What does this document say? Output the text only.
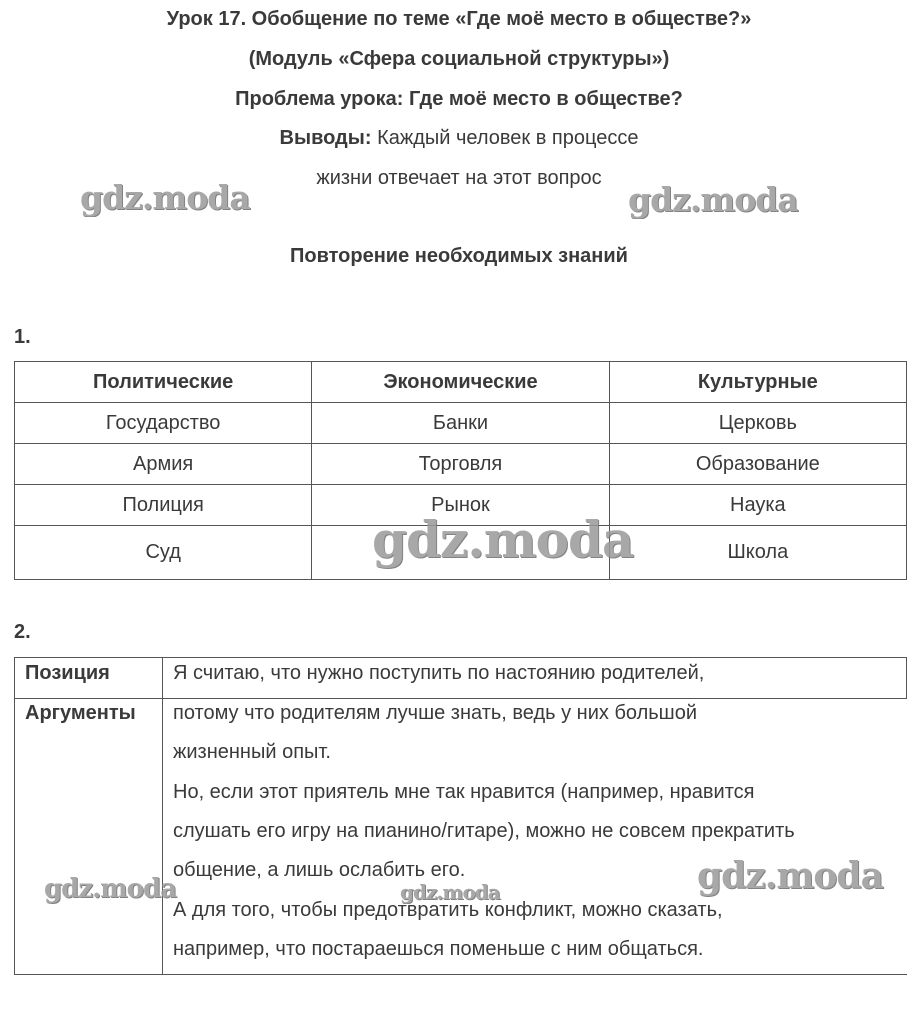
Урок 17. Обобщение по теме «Где моё место в обществе?»
(Модуль «Сфера социальной структуры»)
Проблема урока: Где моё место в обществе?
Выводы: Каждый человек в процессе
жизни отвечает на этот вопрос
Повторение необходимых знаний
gdz.moda	gdz.moda
1.
Политические	Экономические	Культурные
Государство	Банки	Церковь
Армия	Торговля	Образование
Полиция	Рынок	Наука
Суд		Школа
gdz.moda
2.
Позиция	Я считаю, что нужно поступить по настоянию родителей,
Аргументы потому что родителям лучше знать, ведь у них большой
жизненный опыт.
Но, если этот приятель мне так нравится (например, нравится
слушать его игру на пианино/гитаре), можно не совсем прекратить
общение, а лишь ослабить его.
А для того, чтобы предотвратить конфликт, можно сказать,
например, что постараешься поменьше с ним общаться.
gdz.moda	gdz.moda	gdz.moda
